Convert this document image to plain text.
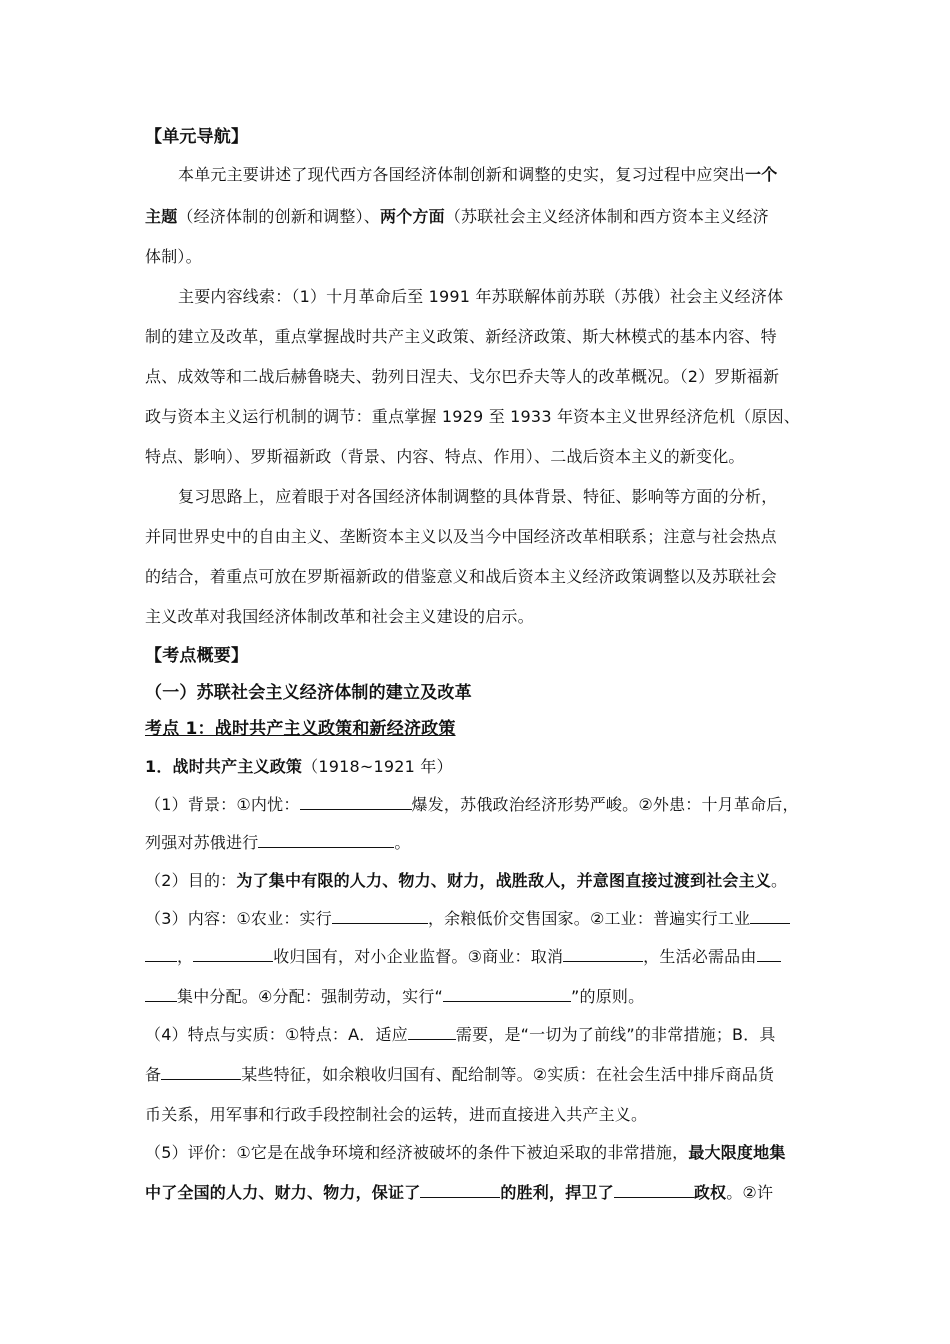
【单元导航】
本单元主要讲述了现代西方各国经济体制创新和调整的史实，复习过程中应突出一个
主题（经济体制的创新和调整）、两个方面（苏联社会主义经济体制和西方资本主义经济
体制）。
主要内容线索：（1）十月革命后至 1991 年苏联解体前苏联（苏俄）社会主义经济体
制的建立及改革，重点掌握战时共产主义政策、新经济政策、斯大林模式的基本内容、特
点、成效等和二战后赫鲁晓夫、勃列日涅夫、戈尔巴乔夫等人的改革概况。（2）罗斯福新
政与资本主义运行机制的调节：重点掌握 1929 至 1933 年资本主义世界经济危机（原因、
特点、影响）、罗斯福新政（背景、内容、特点、作用）、二战后资本主义的新变化。
复习思路上，应着眼于对各国经济体制调整的具体背景、特征、影响等方面的分析，
并同世界史中的自由主义、垄断资本主义以及当今中国经济改革相联系；注意与社会热点
的结合，着重点可放在罗斯福新政的借鉴意义和战后资本主义经济政策调整以及苏联社会
主义改革对我国经济体制改革和社会主义建设的启示。
【考点概要】
（一）苏联社会主义经济体制的建立及改革
考点 1：战时共产主义政策和新经济政策
1．战时共产主义政策（1918~1921 年）
（1）背景：①内忧：	爆发，苏俄政治经济形势严峻。②外患：十月革命后，
列强对苏俄进行	。
（2）目的：为了集中有限的人力、物力、财力，战胜敌人，并意图直接过渡到社会主义。
（3）内容：①农业：实行	，余粮低价交售国家。②工业：普遍实行工业
，	收归国有，对小企业监督。③商业：取消	，生活必需品由
集中分配。④分配：强制劳动，实行“	”的原则。
（4）特点与实质：①特点：A．适应	需要，是“一切为了前线”的非常措施；B．具
备	某些特征，如余粮收归国有、配给制等。②实质：在社会生活中排斥商品货
币关系，用军事和行政手段控制社会的运转，进而直接进入共产主义。
（5）评价：①它是在战争环境和经济被破坏的条件下被迫采取的非常措施，最大限度地集
中了全国的人力、财力、物力，保证了	的胜利，捍卫了	政权。②许
